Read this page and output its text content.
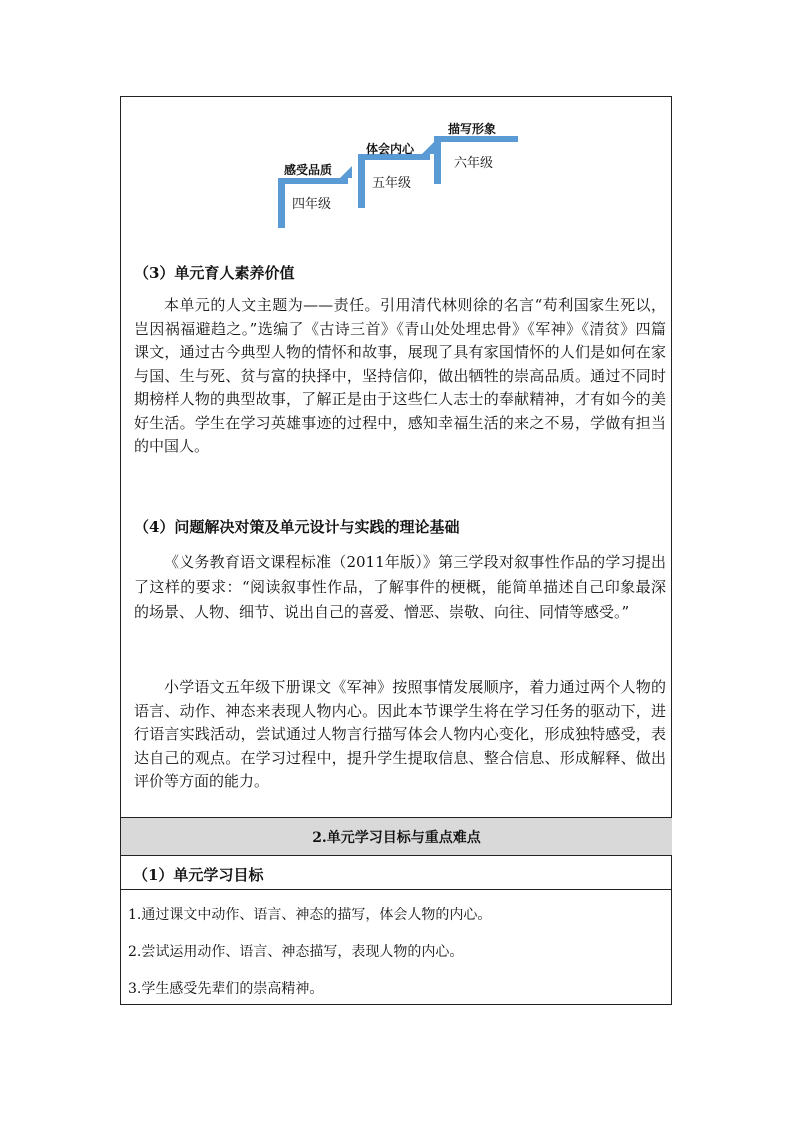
感受品质
四年级
体会内心
五年级
描写形象
六年级
（3）单元育人素养价值

本单元的人文主题为——责任。引用清代林则徐的名言“苟利国家生死以，岂因祸福避趋之。”选编了《古诗三首》《青山处处埋忠骨》《军神》《清贫》四篇课文，通过古今典型人物的情怀和故事，展现了具有家国情怀的人们是如何在家与国、生与死、贫与富的抉择中，坚持信仰，做出牺牲的崇高品质。通过不同时期榜样人物的典型故事，了解正是由于这些仁人志士的奉献精神，才有如今的美好生活。学生在学习英雄事迹的过程中，感知幸福生活的来之不易，学做有担当的中国人。

（4）问题解决对策及单元设计与实践的理论基础

《义务教育语文课程标准（2011年版）》第三学段对叙事性作品的学习提出了这样的要求：“阅读叙事性作品，了解事件的梗概，能简单描述自己印象最深的场景、人物、细节、说出自己的喜爱、憎恶、崇敬、向往、同情等感受。”

小学语文五年级下册课文《军神》按照事情发展顺序，着力通过两个人物的语言、动作、神态来表现人物内心。因此本节课学生将在学习任务的驱动下，进行语言实践活动，尝试通过人物言行描写体会人物内心变化，形成独特感受，表达自己的观点。在学习过程中，提升学生提取信息、整合信息、形成解释、做出评价等方面的能力。

2.单元学习目标与重点难点
（1）单元学习目标
1.通过课文中动作、语言、神态的描写，体会人物的内心。
2.尝试运用动作、语言、神态描写，表现人物的内心。
3.学生感受先辈们的崇高精神。
